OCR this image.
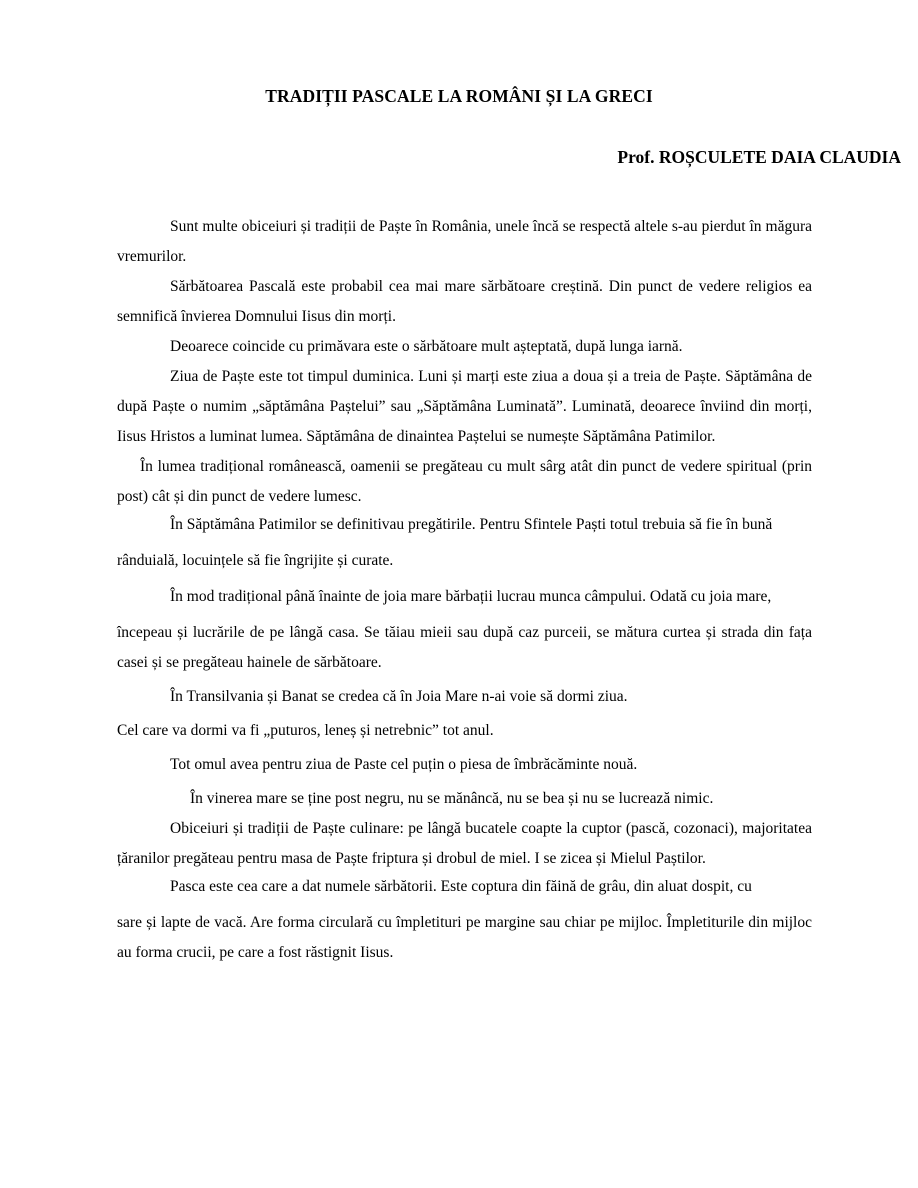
TRADIȚII PASCALE LA ROMÂNI ȘI LA GRECI
Prof. ROȘCULETE DAIA CLAUDIA

Sunt multe obiceiuri și tradiții de Paște în România, unele încă se respectă altele s-au pierdut în măgura vremurilor.

Sărbătoarea Pascală este probabil cea mai mare sărbătoare creștină. Din punct de vedere religios ea semnifică învierea Domnului Iisus din morți.

Deoarece coincide cu primăvara este o sărbătoare mult așteptată, după lunga iarnă.

Ziua de Paște este tot timpul duminica. Luni și marți este ziua a doua și a treia de Paște. Săptămâna de după Paște o numim „săptămâna Paștelui” sau „Săptămâna Luminată”. Luminată, deoarece înviind din morți, Iisus Hristos a luminat lumea. Săptămâna de dinaintea Paștelui se numește Săptămâna Patimilor.

În lumea tradițional românească, oamenii se pregăteau cu mult sârg atât din punct de vedere spiritual (prin post) cât și din punct de vedere lumesc.

În Săptămâna Patimilor se definitivau pregătirile. Pentru Sfintele Paști totul trebuia să fie în bună

rânduială, locuințele să fie îngrijite și curate.

În mod tradițional până înainte de joia mare bărbații lucrau munca câmpului. Odată cu joia mare,

începeau și lucrările de pe lângă casa. Se tăiau mieii sau după caz purceii, se mătura curtea și strada din fața casei și se pregăteau hainele de sărbătoare.

În Transilvania și Banat se credea că în Joia Mare n-ai voie să dormi ziua.

Cel care va dormi va fi „puturos, leneș și netrebnic” tot anul.

Tot omul avea pentru ziua de Paste cel puțin o piesa de îmbrăcăminte nouă.

În vinerea mare se ține post negru, nu se mănâncă, nu se bea și nu se lucrează nimic.

Obiceiuri și tradiții de Paște culinare: pe lângă bucatele coapte la cuptor (pască, cozonaci), majoritatea țăranilor pregăteau pentru masa de Paște friptura și drobul de miel. I se zicea și Mielul Paștilor.

Pasca este cea care a dat numele sărbătorii. Este coptura din făină de grâu, din aluat dospit, cu

sare și lapte de vacă. Are forma circulară cu împletituri pe margine sau chiar pe mijloc. Împletiturile din mijloc au forma crucii, pe care a fost răstignit Iisus.
